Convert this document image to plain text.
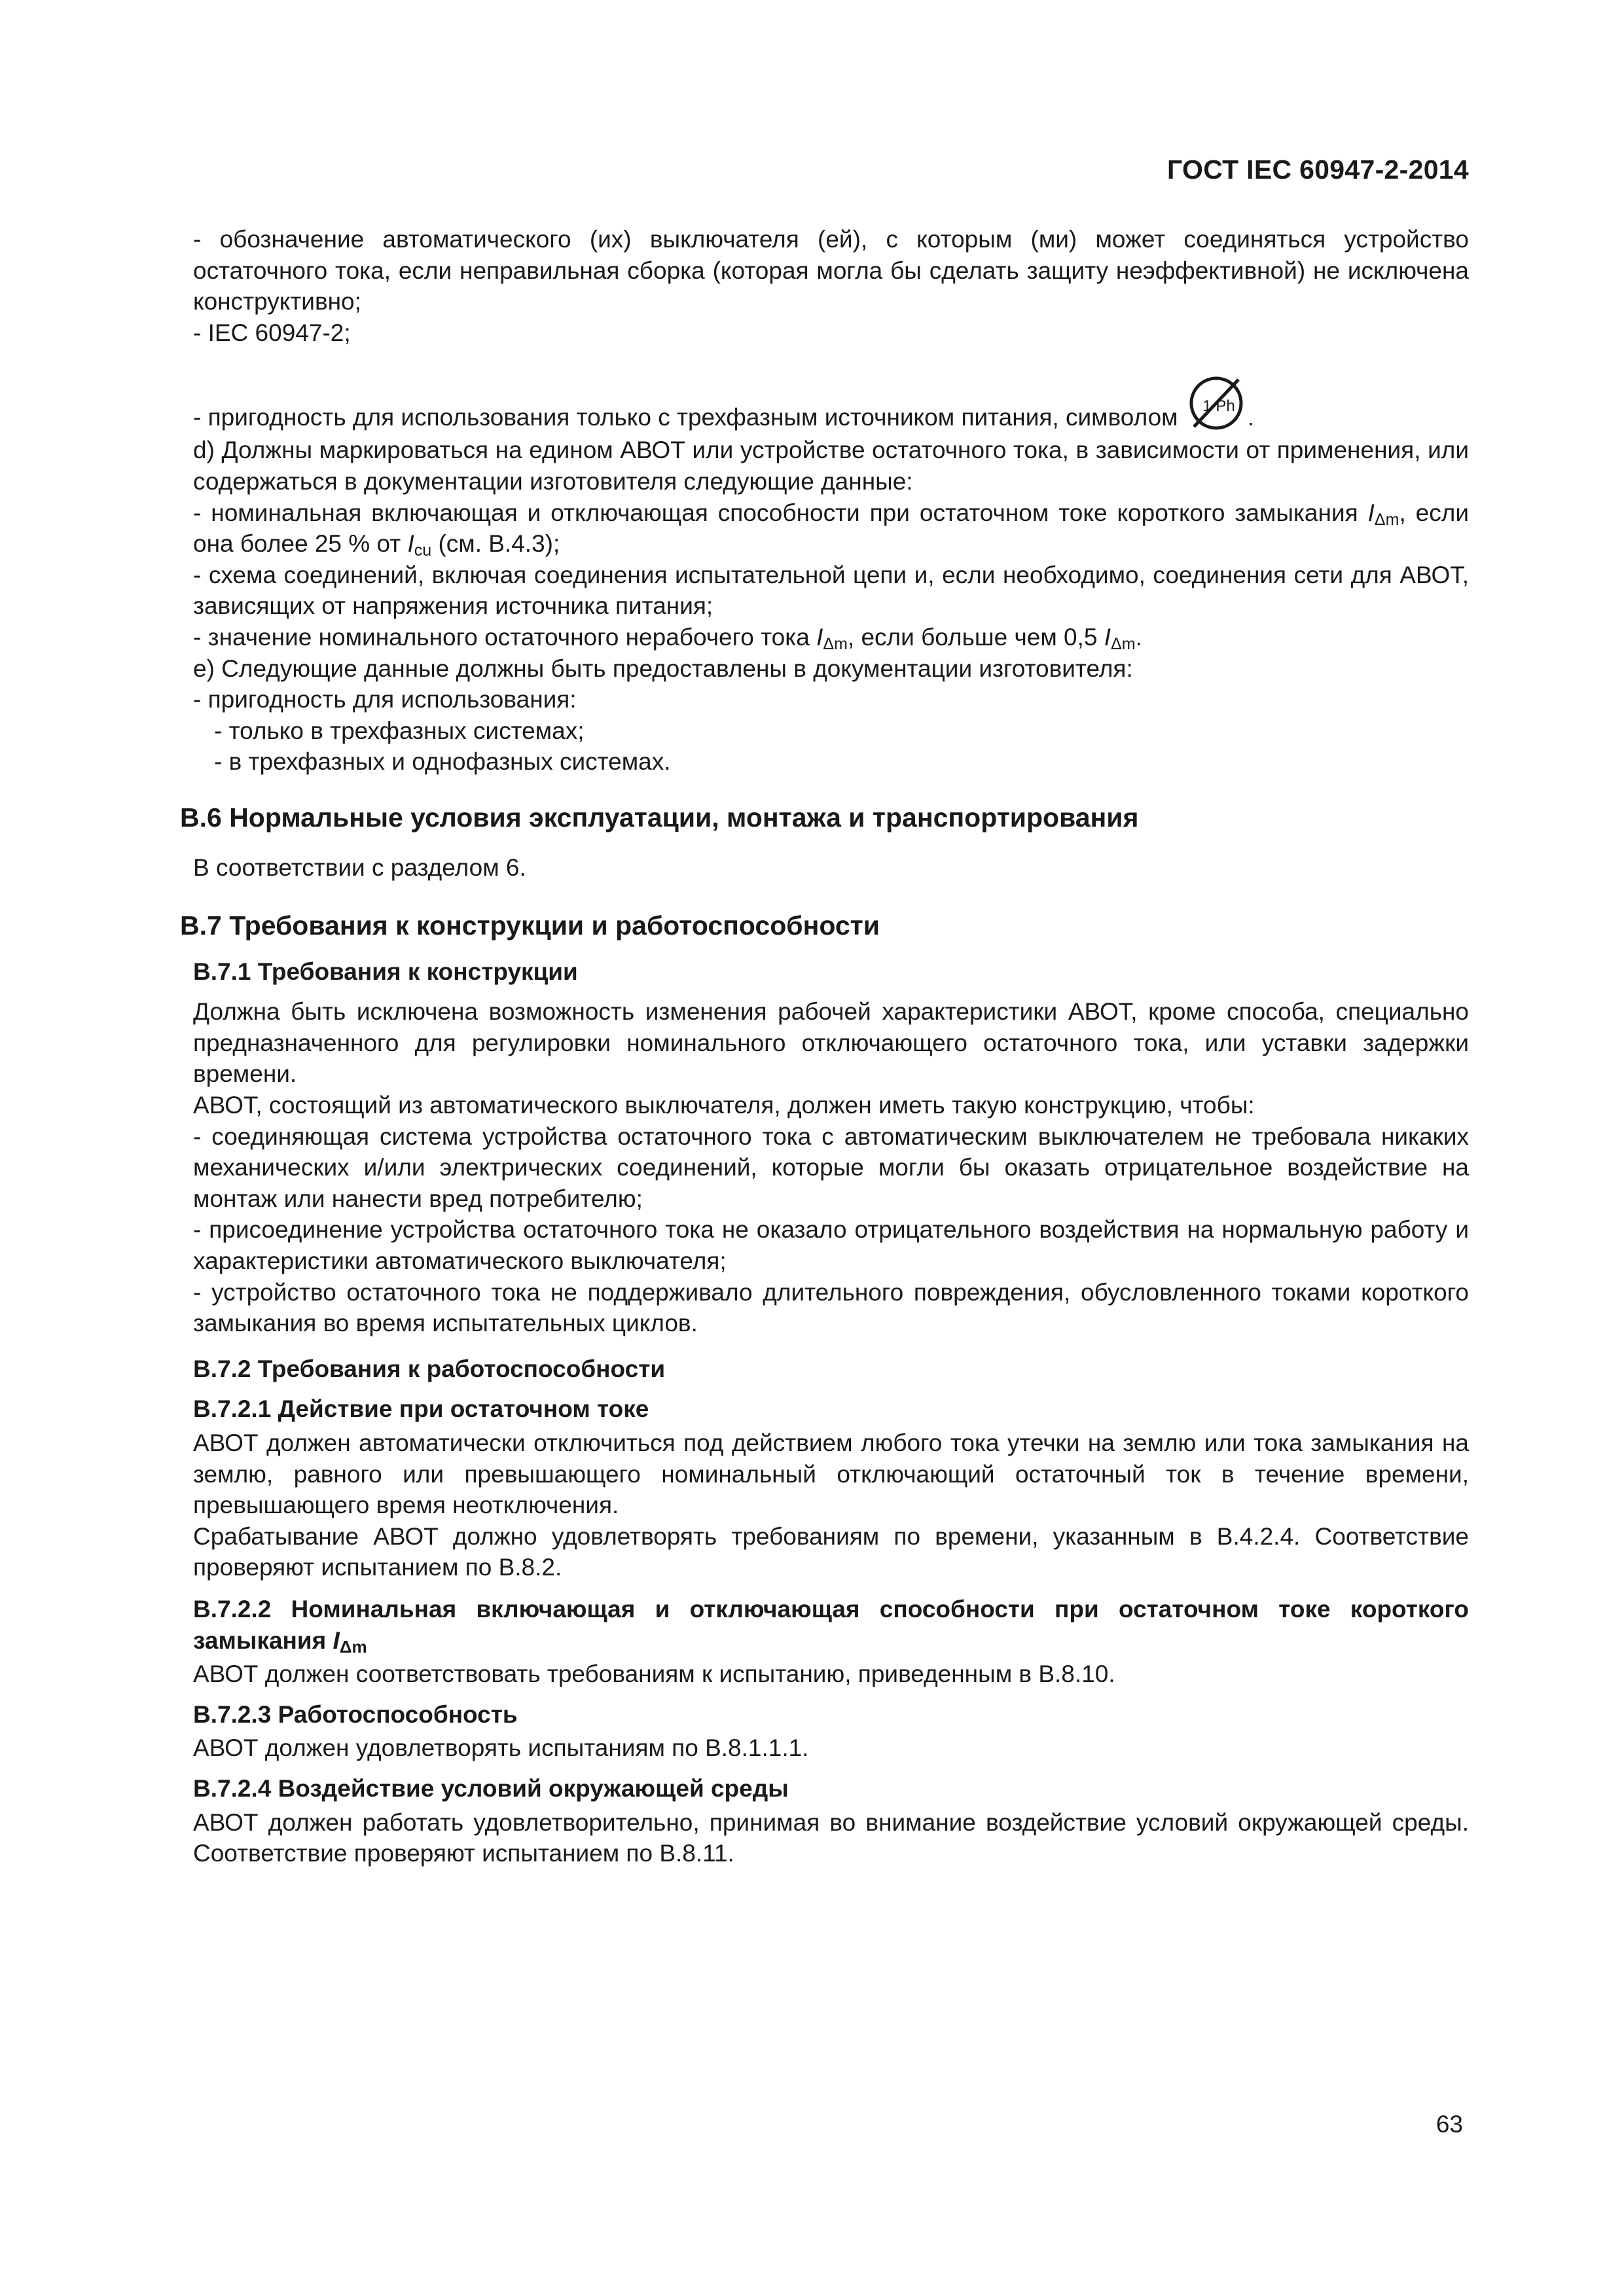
ГОСТ IEC 60947-2-2014

- обозначение автоматического (их) выключателя (ей), с которым (ми) может соединяться устройство остаточного тока, если неправильная сборка (которая могла бы сделать защиту неэффективной) не исключена конструктивно;

- IEC 60947-2;

- пригодность для использования только с трехфазным источником питания, символом 1 Ph .

d) Должны маркироваться на едином АВОТ или устройстве остаточного тока, в зависимости от применения, или содержаться в документации изготовителя следующие данные:

- номинальная включающая и отключающая способности при остаточном токе короткого замыкания $I_{\Delta m}$, если она более 25 % от $I_{cu}$ (см. В.4.3);

- схема соединений, включая соединения испытательной цепи и, если необходимо, соединения сети для АВОТ, зависящих от напряжения источника питания;

- значение номинального остаточного нерабочего тока $I_{\Delta m}$, если больше чем 0,5 $I_{\Delta m}$.

e) Следующие данные должны быть предоставлены в документации изготовителя:

- пригодность для использования:

- только в трехфазных системах;

- в трехфазных и однофазных системах.

В.6 Нормальные условия эксплуатации, монтажа и транспортирования

В соответствии с разделом 6.

В.7 Требования к конструкции и работоспособности

В.7.1 Требования к конструкции

Должна быть исключена возможность изменения рабочей характеристики АВОТ, кроме способа, специально предназначенного для регулировки номинального отключающего остаточного тока, или уставки задержки времени.

АВОТ, состоящий из автоматического выключателя, должен иметь такую конструкцию, чтобы:

- соединяющая система устройства остаточного тока с автоматическим выключателем не требовала никаких механических и/или электрических соединений, которые могли бы оказать отрицательное воздействие на монтаж или нанести вред потребителю;

- присоединение устройства остаточного тока не оказало отрицательного воздействия на нормальную работу и характеристики автоматического выключателя;

- устройство остаточного тока не поддерживало длительного повреждения, обусловленного токами короткого замыкания во время испытательных циклов.

В.7.2 Требования к работоспособности

В.7.2.1 Действие при остаточном токе

АВОТ должен автоматически отключиться под действием любого тока утечки на землю или тока замыкания на землю, равного или превышающего номинальный отключающий остаточный ток в течение времени, превышающего время неотключения.

Срабатывание АВОТ должно удовлетворять требованиям по времени, указанным в В.4.2.4. Соответствие проверяют испытанием по В.8.2.

В.7.2.2 Номинальная включающая и отключающая способности при остаточном токе короткого замыкания IΔm

АВОТ должен соответствовать требованиям к испытанию, приведенным в В.8.10.

В.7.2.3 Работоспособность

АВОТ должен удовлетворять испытаниям по В.8.1.1.1.

В.7.2.4 Воздействие условий окружающей среды

АВОТ должен работать удовлетворительно, принимая во внимание воздействие условий окружающей среды. Соответствие проверяют испытанием по В.8.11.

63
